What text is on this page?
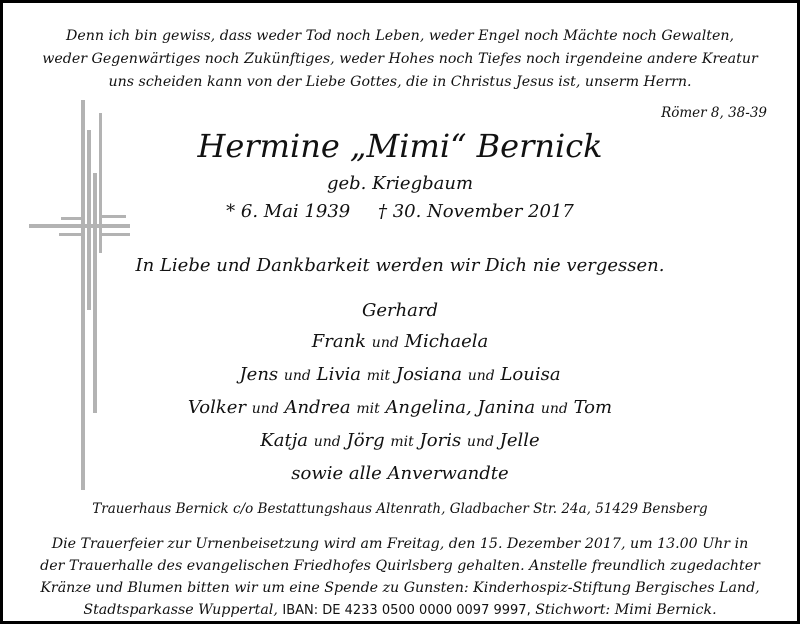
Denn ich bin gewiss, dass weder Tod noch Leben, weder Engel noch Mächte noch Gewalten,
weder Gegenwärtiges noch Zukünftiges, weder Hohes noch Tiefes noch irgendeine andere Kreatur
uns scheiden kann von der Liebe Gottes, die in Christus Jesus ist, unserm Herrn.
Römer 8, 38-39
Hermine „Mimi“ Bernick
geb. Kriegbaum
* 6. Mai 1939 † 30. November 2017
In Liebe und Dankbarkeit werden wir Dich nie vergessen.
Gerhard
Frank und Michaela
Jens und Livia mit Josiana und Louisa
Volker und Andrea mit Angelina, Janina und Tom
Katja und Jörg mit Joris und Jelle
sowie alle Anverwandte
Trauerhaus Bernick c/o Bestattungshaus Altenrath, Gladbacher Str. 24a, 51429 Bensberg
Die Trauerfeier zur Urnenbeisetzung wird am Freitag, den 15. Dezember 2017, um 13.00 Uhr in
der Trauerhalle des evangelischen Friedhofes Quirlsberg gehalten. Anstelle freundlich zugedachter
Kränze und Blumen bitten wir um eine Spende zu Gunsten: Kinderhospiz-Stiftung Bergisches Land,
Stadtsparkasse Wuppertal, IBAN: DE 4233 0500 0000 0097 9997, Stichwort: Mimi Bernick.
